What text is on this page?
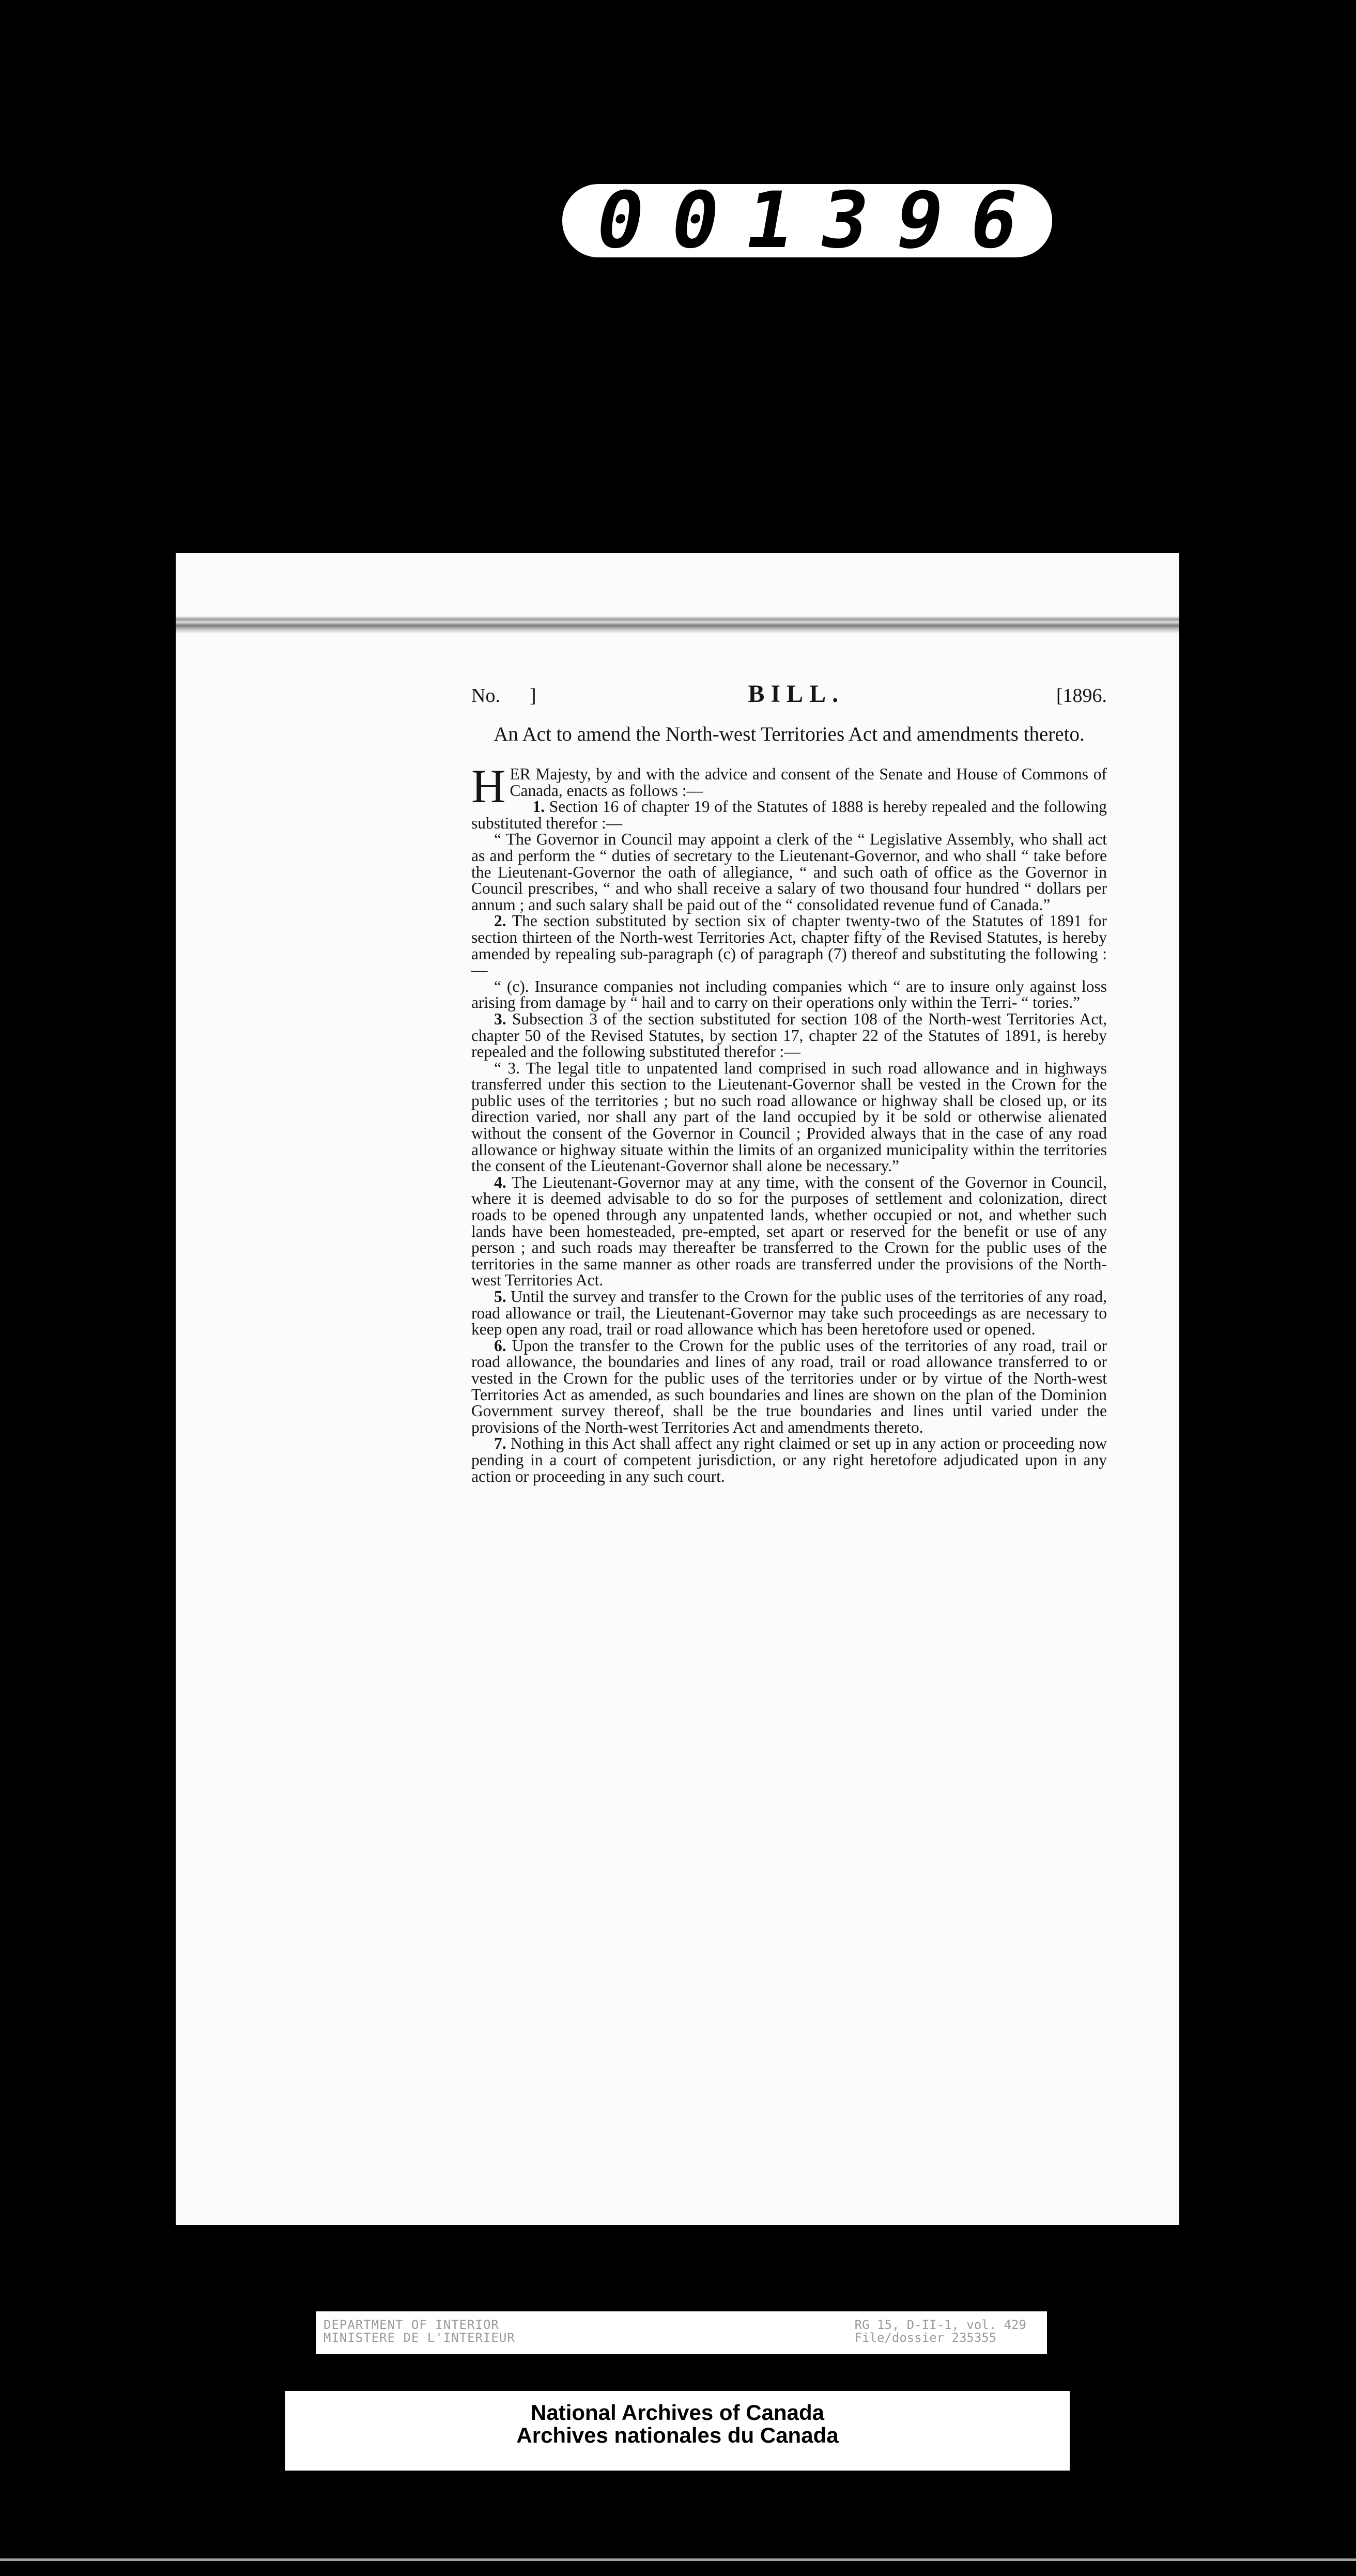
0 0 1 3 9 6
No. ]	BILL.	[1896.
An Act to amend the North-west Territories Act and amendments thereto.

HER Majesty, by and with the advice and consent of the Senate and House of Commons of Canada, enacts as follows :—

1. Section 16 of chapter 19 of the Statutes of 1888 is hereby repealed and the following substituted therefor :—

“ The Governor in Council may appoint a clerk of the “ Legislative Assembly, who shall act as and perform the “ duties of secretary to the Lieutenant-Governor, and who shall “ take before the Lieutenant-Governor the oath of allegiance, “ and such oath of office as the Governor in Council prescribes, “ and who shall receive a salary of two thousand four hundred “ dollars per annum ; and such salary shall be paid out of the “ consolidated revenue fund of Canada.”

2. The section substituted by section six of chapter twenty-two of the Statutes of 1891 for section thirteen of the North-west Territories Act, chapter fifty of the Revised Statutes, is hereby amended by repealing sub-paragraph (c) of paragraph (7) thereof and substituting the following :—

“ (c). Insurance companies not including companies which “ are to insure only against loss arising from damage by “ hail and to carry on their operations only within the Terri- “ tories.”

3. Subsection 3 of the section substituted for section 108 of the North-west Territories Act, chapter 50 of the Revised Statutes, by section 17, chapter 22 of the Statutes of 1891, is hereby repealed and the following substituted therefor :—

“ 3. The legal title to unpatented land comprised in such road allowance and in highways transferred under this section to the Lieutenant-Governor shall be vested in the Crown for the public uses of the territories ; but no such road allowance or highway shall be closed up, or its direction varied, nor shall any part of the land occupied by it be sold or otherwise alienated without the consent of the Governor in Council ; Provided always that in the case of any road allowance or highway situate within the limits of an organized municipality within the territories the consent of the Lieutenant-Governor shall alone be necessary.”

4. The Lieutenant-Governor may at any time, with the consent of the Governor in Council, where it is deemed advisable to do so for the purposes of settlement and colonization, direct roads to be opened through any unpatented lands, whether occupied or not, and whether such lands have been homesteaded, pre-empted, set apart or reserved for the benefit or use of any person ; and such roads may thereafter be transferred to the Crown for the public uses of the territories in the same manner as other roads are transferred under the provisions of the North-west Territories Act.

5. Until the survey and transfer to the Crown for the public uses of the territories of any road, road allowance or trail, the Lieutenant-Governor may take such proceedings as are necessary to keep open any road, trail or road allowance which has been heretofore used or opened.

6. Upon the transfer to the Crown for the public uses of the territories of any road, trail or road allowance, the boundaries and lines of any road, trail or road allowance transferred to or vested in the Crown for the public uses of the territories under or by virtue of the North-west Territories Act as amended, as such boundaries and lines are shown on the plan of the Dominion Government survey thereof, shall be the true boundaries and lines until varied under the provisions of the North-west Territories Act and amendments thereto.

7. Nothing in this Act shall affect any right claimed or set up in any action or proceeding now pending in a court of competent jurisdiction, or any right heretofore adjudicated upon in any action or proceeding in any such court.

DEPARTMENT OF INTERIOR
MINISTERE DE L'INTERIEUR
RG 15, D-II-1, vol. 429
File/dossier 235355
National Archives of Canada
Archives nationales du Canada
